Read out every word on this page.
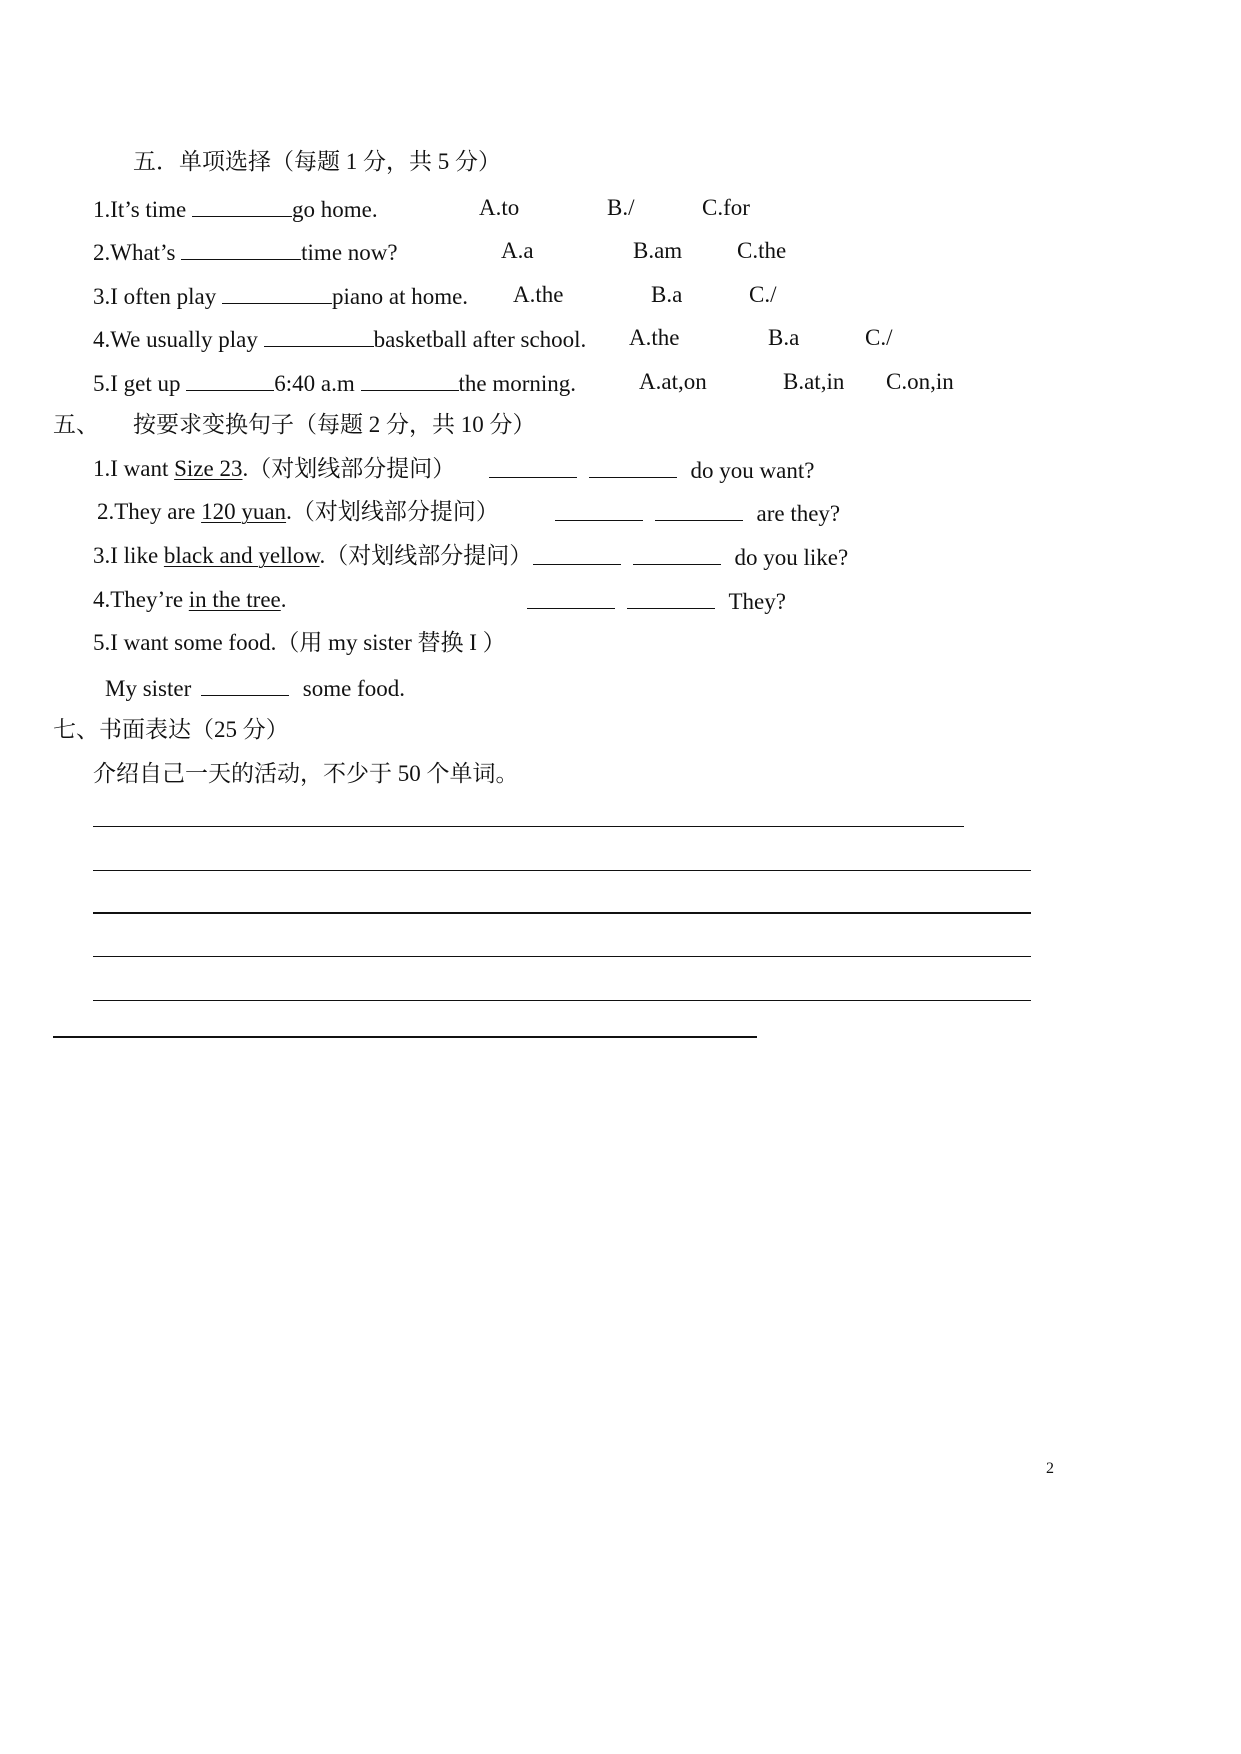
五．单项选择（每题 1 分，共 5 分）
1.It’s time	go home.	A.to	B./	C.for
2.What’s	time now?	A.a	B.am C.the
3.I often play	piano at home. A.the	B.a	C./
4.We usually play	basketball after school. A.the	B.a	C./
5.I get up	6:40 a.m	the morning.	A.at,on	B.at,in C.on,in
五、 按要求变换句子（每题 2 分，共 10 分）
1.I want Size 23.（对划线部分提问）	do you want?
2.They are 120 yuan.（对划线部分提问）	are they?
3.I like black and yellow.（对划线部分提问）	do you like?
4.They’re in the tree.	They?
5.I want some food.（用 my sister 替换 I ）
My sister	some food.
七、书面表达（25 分）
介绍自己一天的活动，不少于 50 个单词。
2
